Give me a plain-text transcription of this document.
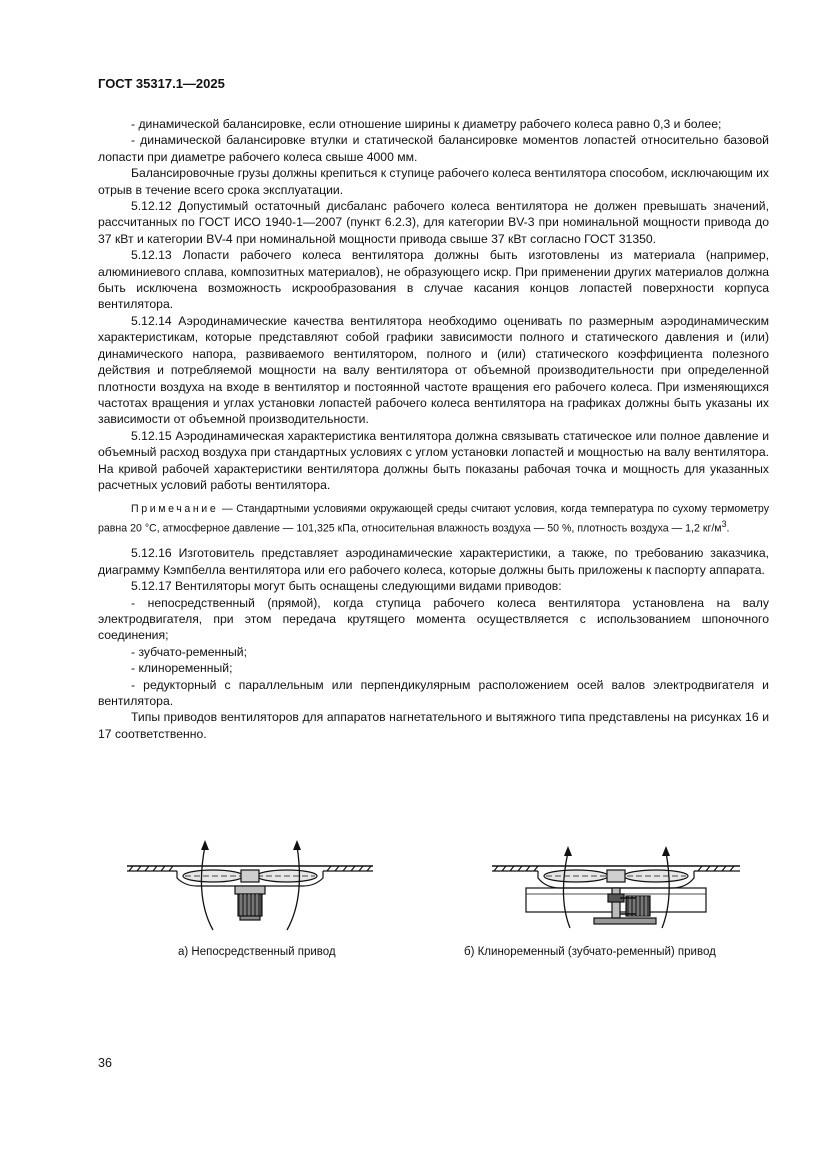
ГОСТ 35317.1—2025

- динамической балансировке, если отношение ширины к диаметру рабочего колеса равно 0,3 и более;

- динамической балансировке втулки и статической балансировке моментов лопастей относительно базовой лопасти при диаметре рабочего колеса свыше 4000 мм.

Балансировочные грузы должны крепиться к ступице рабочего колеса вентилятора способом, исключающим их отрыв в течение всего срока эксплуатации.

5.12.12 Допустимый остаточный дисбаланс рабочего колеса вентилятора не должен превышать значений, рассчитанных по ГОСТ ИСО 1940-1—2007 (пункт 6.2.3), для категории BV-3 при номинальной мощности привода до 37 кВт и категории BV-4 при номинальной мощности привода свыше 37 кВт согласно ГОСТ 31350.

5.12.13 Лопасти рабочего колеса вентилятора должны быть изготовлены из материала (например, алюминиевого сплава, композитных материалов), не образующего искр. При применении других материалов должна быть исключена возможность искрообразования в случае касания концов лопастей поверхности корпуса вентилятора.

5.12.14 Аэродинамические качества вентилятора необходимо оценивать по размерным аэродинамическим характеристикам, которые представляют собой графики зависимости полного и статического давления и (или) динамического напора, развиваемого вентилятором, полного и (или) статического коэффициента полезного действия и потребляемой мощности на валу вентилятора от объемной производительности при определенной плотности воздуха на входе в вентилятор и постоянной частоте вращения его рабочего колеса. При изменяющихся частотах вращения и углах установки лопастей рабочего колеса вентилятора на графиках должны быть указаны их зависимости от объемной производительности.

5.12.15 Аэродинамическая характеристика вентилятора должна связывать статическое или полное давление и объемный расход воздуха при стандартных условиях с углом установки лопастей и мощностью на валу вентилятора. На кривой рабочей характеристики вентилятора должны быть показаны рабочая точка и мощность для указанных расчетных условий работы вентилятора.

Примечание — Стандартными условиями окружающей среды считают условия, когда температура по сухому термометру равна 20 °C, атмосферное давление — 101,325 кПа, относительная влажность воздуха — 50 %, плотность воздуха — 1,2 $кг/м^3$.

5.12.16 Изготовитель представляет аэродинамические характеристики, а также, по требованию заказчика, диаграмму Кэмпбелла вентилятора или его рабочего колеса, которые должны быть приложены к паспорту аппарата.

5.12.17 Вентиляторы могут быть оснащены следующими видами приводов:

- непосредственный (прямой), когда ступица рабочего колеса вентилятора установлена на валу электродвигателя, при этом передача крутящего момента осуществляется с использованием шпоночного соединения;

- зубчато-ременный;

- клиноременный;

- редукторный с параллельным или перпендикулярным расположением осей валов электродвигателя и вентилятора.

Типы приводов вентиляторов для аппаратов нагнетательного и вытяжного типа представлены на рисунках 16 и 17 соответственно.

а) Непосредственный привод	б) Клиноременный (зубчато-ременный) привод
36
